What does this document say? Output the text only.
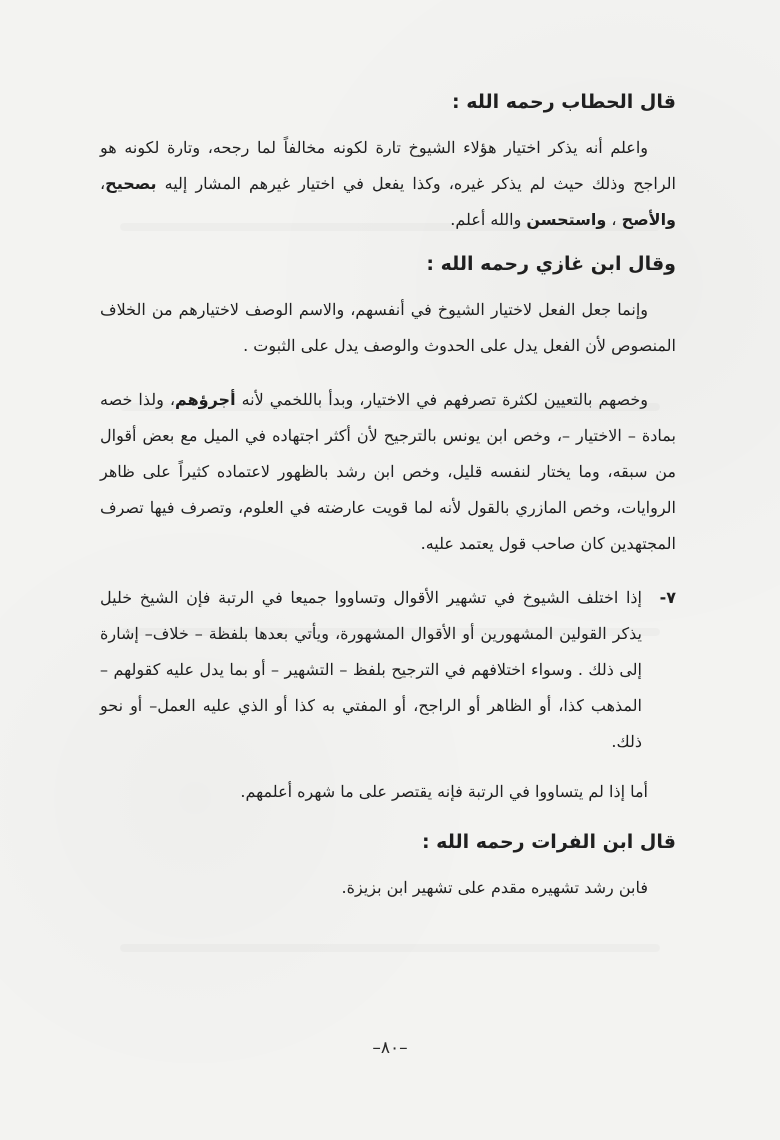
قال الحطاب رحمه الله :

واعلم أنه يذكر اختيار هؤلاء الشيوخ تارة لكونه مخالفاً لما رجحه، وتارة لكونه هو الراجح وذلك حيث لم يذكر غيره، وكذا يفعل في اختيار غيرهم المشار إليه بصحيح، والأصح ، واستحسن والله أعلم.

وقال ابن غازي رحمه الله :

وإنما جعل الفعل لاختيار الشيوخ في أنفسهم، والاسم الوصف لاختيارهم من الخلاف المنصوص لأن الفعل يدل على الحدوث والوصف يدل على الثبوت .

وخصهم بالتعيين لكثرة تصرفهم في الاختيار، وبدأ باللخمي لأنه أجرؤهم، ولذا خصه بمادة – الاختيار –، وخص ابن يونس بالترجيح لأن أكثر اجتهاده في الميل مع بعض أقوال من سبقه، وما يختار لنفسه قليل، وخص ابن رشد بالظهور لاعتماده كثيراً على ظاهر الروايات، وخص المازري بالقول لأنه لما قويت عارضته في العلوم، وتصرف فيها تصرف المجتهدين كان صاحب قول يعتمد عليه.

٧-
إذا اختلف الشيوخ في تشهير الأقوال وتساووا جميعا في الرتبة فإن الشيخ خليل يذكر القولين المشهورين أو الأقوال المشهورة، ويأتي بعدها بلفظة – خلاف– إشارة إلى ذلك . وسواء اختلافهم في الترجيح بلفظ – التشهير – أو بما يدل عليه كقولهم – المذهب كذا، أو الظاهر أو الراجح، أو المفتي به كذا أو الذي عليه العمل– أو نحو ذلك.

أما إذا لم يتساووا في الرتبة فإنه يقتصر على ما شهره أعلمهم.

قال ابن الفرات رحمه الله :

فابن رشد تشهيره مقدم على تشهير ابن بزيزة.

–٨٠–
